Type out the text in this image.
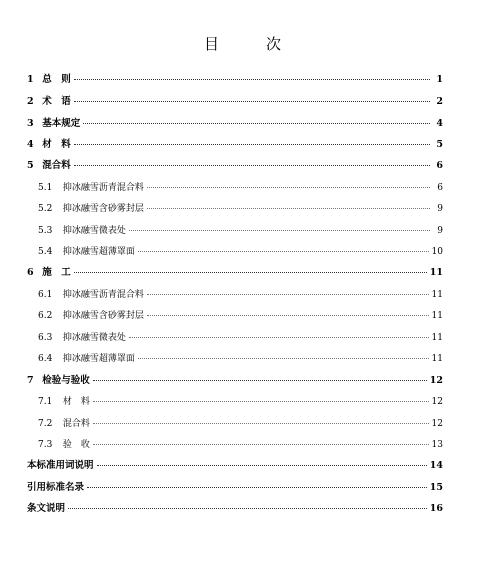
目　次
1 总　则	1
2 术　语	2
3 基本规定	4
4 材　料	5
5 混合料	6
5.1 抑冰融雪沥青混合料	6
5.2 抑冰融雪含砂雾封层	9
5.3 抑冰融雪微表处	9
5.4 抑冰融雪超薄罩面	10
6 施　工	11
6.1 抑冰融雪沥青混合料	11
6.2 抑冰融雪含砂雾封层	11
6.3 抑冰融雪微表处	11
6.4 抑冰融雪超薄罩面	11
7 检验与验收	12
7.1 材　料	12
7.2 混合料	12
7.3 验　收	13
本标准用词说明	14
引用标准名录	15
条文说明	16
